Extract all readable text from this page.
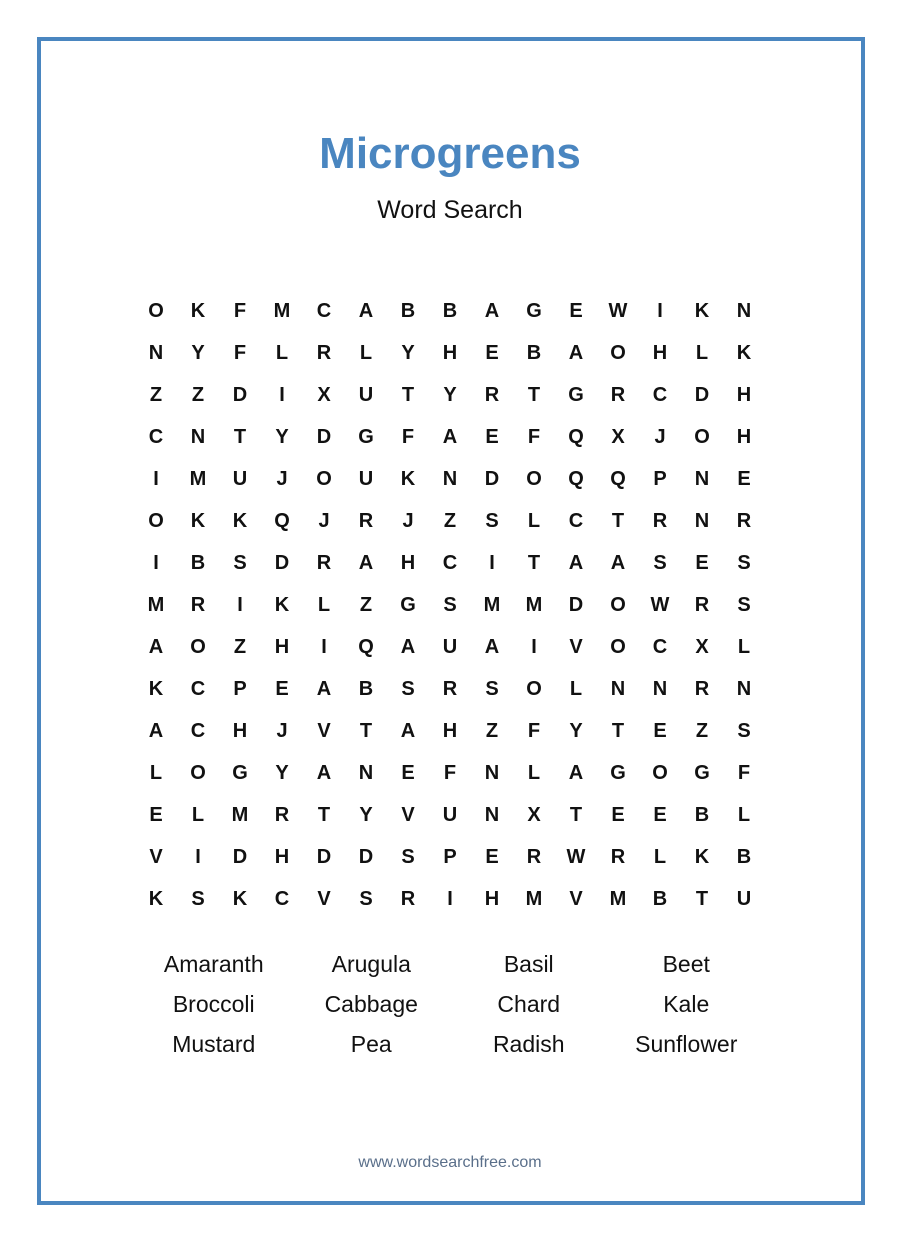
Microgreens
Word Search
O	K	F	M	C	A	B	B	A	G	E	W	I	K	N
N	Y	F	L	R	L	Y	H	E	B	A	O	H	L	K
Z	Z	D	I	X	U	T	Y	R	T	G	R	C	D	H
C	N	T	Y	D	G	F	A	E	F	Q	X	J	O	H
I	M	U	J	O	U	K	N	D	O	Q	Q	P	N	E
O	K	K	Q	J	R	J	Z	S	L	C	T	R	N	R
I	B	S	D	R	A	H	C	I	T	A	A	S	E	S
M	R	I	K	L	Z	G	S	M	M	D	O	W	R	S
A	O	Z	H	I	Q	A	U	A	I	V	O	C	X	L
K	C	P	E	A	B	S	R	S	O	L	N	N	R	N
A	C	H	J	V	T	A	H	Z	F	Y	T	E	Z	S
L	O	G	Y	A	N	E	F	N	L	A	G	O	G	F
E	L	M	R	T	Y	V	U	N	X	T	E	E	B	L
V	I	D	H	D	D	S	P	E	R	W	R	L	K	B
K	S	K	C	V	S	R	I	H	M	V	M	B	T	U
Amaranth	Arugula	Basil	Beet
Broccoli	Cabbage	Chard	Kale
Mustard	Pea	Radish	Sunflower
www.wordsearchfree.com
